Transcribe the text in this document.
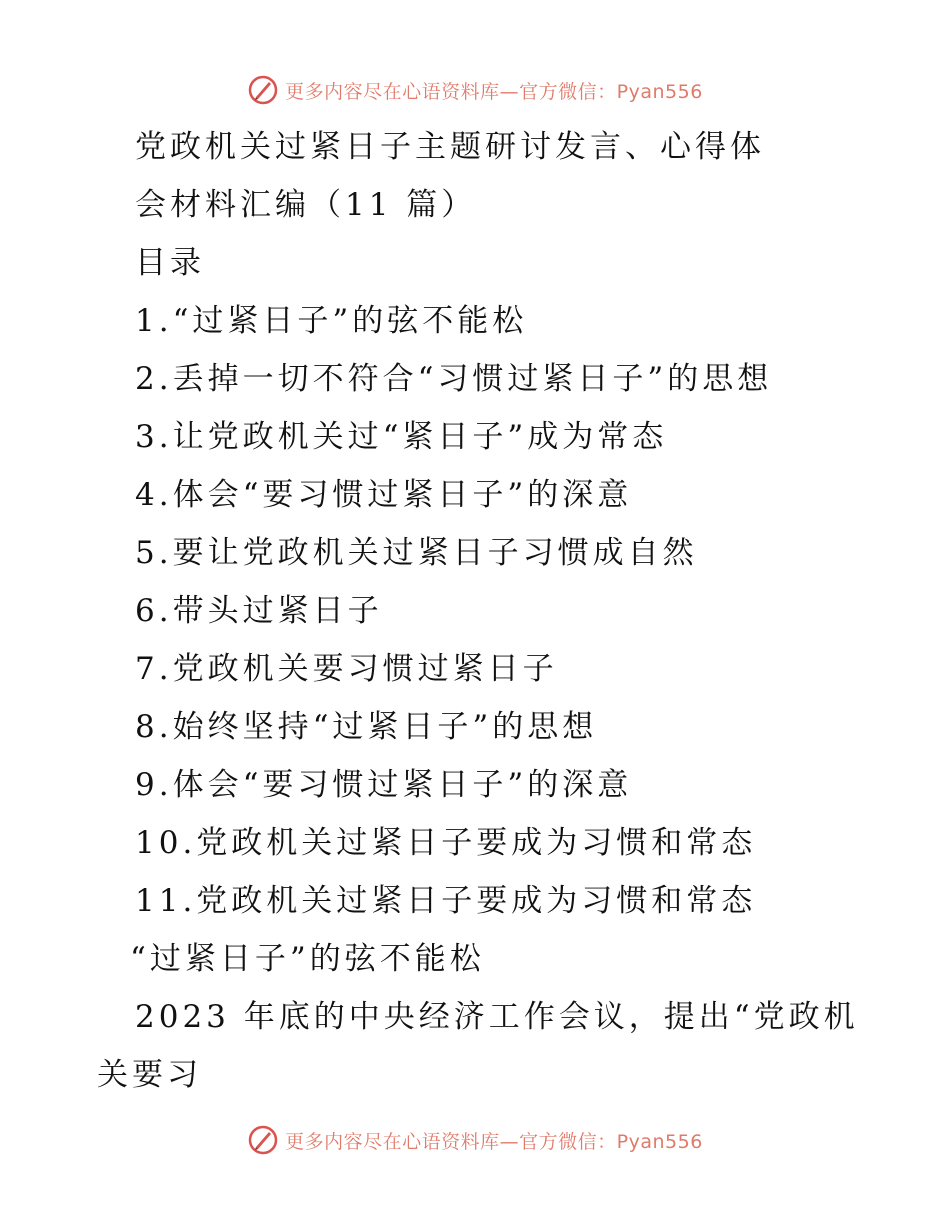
更多内容尽在心语资料库—官方微信：Pyan556
党政机关过紧日子主题研讨发言、心得体
会材料汇编（11 篇）
目录
1.“过紧日子”的弦不能松
2.丢掉一切不符合“习惯过紧日子”的思想
3.让党政机关过“紧日子”成为常态
4.体会“要习惯过紧日子”的深意
5.要让党政机关过紧日子习惯成自然
6.带头过紧日子
7.党政机关要习惯过紧日子
8.始终坚持“过紧日子”的思想
9.体会“要习惯过紧日子”的深意
10.党政机关过紧日子要成为习惯和常态
11.党政机关过紧日子要成为习惯和常态
“过紧日子”的弦不能松
2023 年底的中央经济工作会议，提出“党政机
关要习
更多内容尽在心语资料库—官方微信：Pyan556
